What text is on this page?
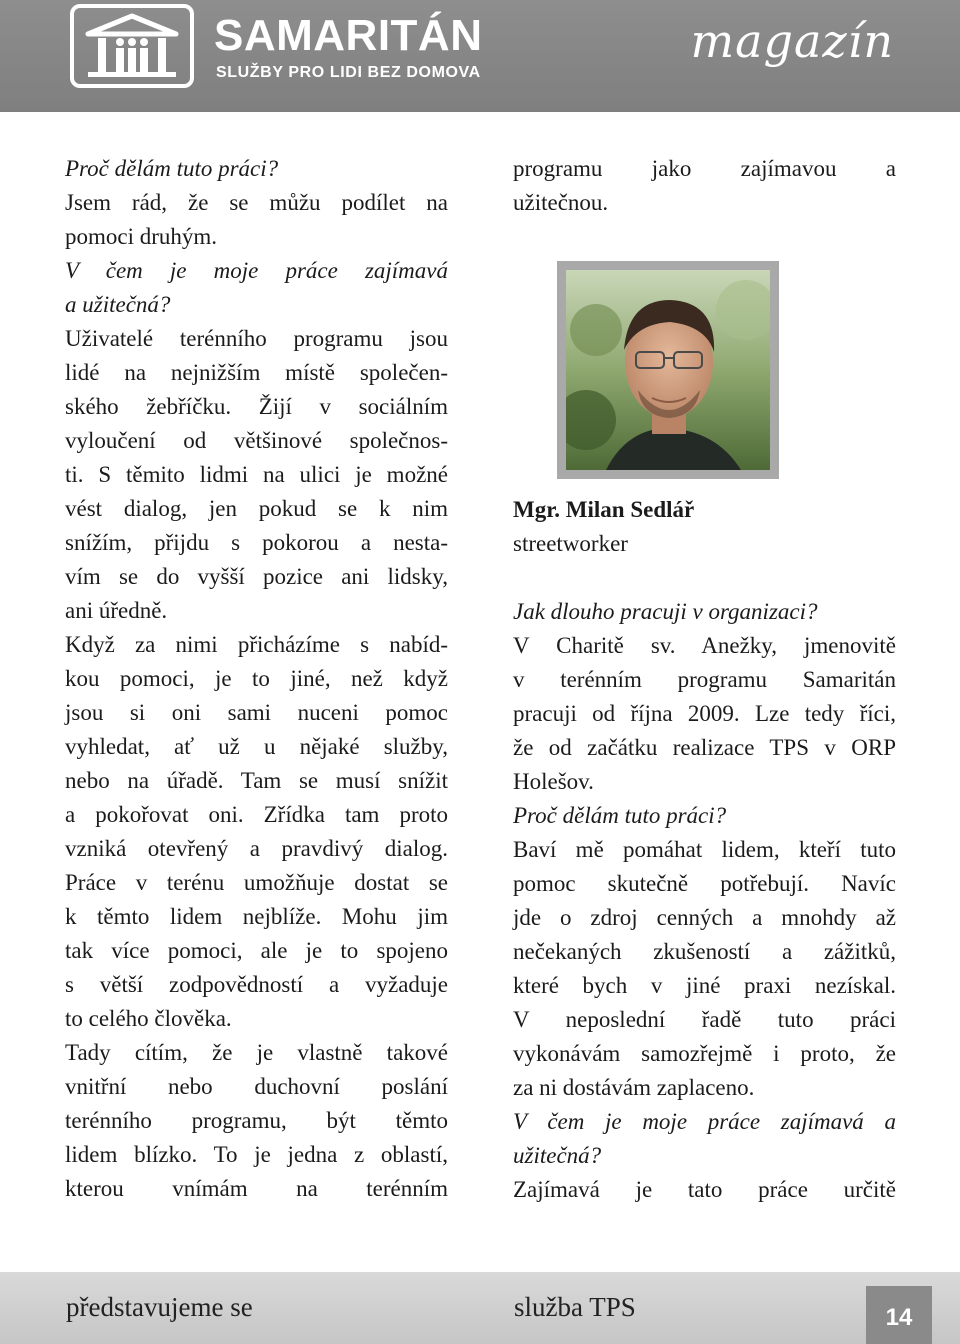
SAMARITÁN
SLUŽBY PRO LIDI BEZ DOMOVA
magazín

Proč dělám tuto práci?

Jsem rád, že se můžu podílet na

pomoci druhým.

V čem je moje práce zajímavá

a užitečná?

Uživatelé terénního programu jsou

lidé na nejnižším místě společen-

ského žebříčku. Žijí v sociálním

vyloučení od většinové společnos-

ti. S těmito lidmi na ulici je možné

vést dialog, jen pokud se k nim

snížím, přijdu s pokorou a nesta-

vím se do vyšší pozice ani lidsky,

ani úředně.

Když za nimi přicházíme s nabíd-

kou pomoci, je to jiné, než když

jsou si oni sami nuceni pomoc

vyhledat, ať už u nějaké služby,

nebo na úřadě. Tam se musí snížit

a pokořovat oni. Zřídka tam proto

vzniká otevřený a pravdivý dialog.

Práce v terénu umožňuje dostat se

k těmto lidem nejblíže. Mohu jim

tak více pomoci, ale je to spojeno

s větší zodpovědností a vyžaduje

to celého člověka.

Tady cítím, že je vlastně takové

vnitřní nebo duchovní poslání

terénního programu, být těmto

lidem blízko. To je jedna z oblastí,

kterou vnímám na terénním

programu jako zajímavou a

užitečnou.

Mgr. Milan Sedlář
streetworker

Jak dlouho pracuji v organizaci?

V Charitě sv. Anežky, jmenovitě

v terénním programu Samaritán

pracuji od října 2009. Lze tedy říci,

že od začátku realizace TPS v ORP

Holešov.

Proč dělám tuto práci?

Baví mě pomáhat lidem, kteří tuto

pomoc skutečně potřebují. Navíc

jde o zdroj cenných a mnohdy až

nečekaných zkušeností a zážitků,

které bych v jiné praxi nezískal.

V neposlední řadě tuto práci

vykonávám samozřejmě i proto, že

za ni dostávám zaplaceno.

V čem je moje práce zajímavá a

užitečná?

Zajímavá je tato práce určitě

představujeme se	služba TPS	14
